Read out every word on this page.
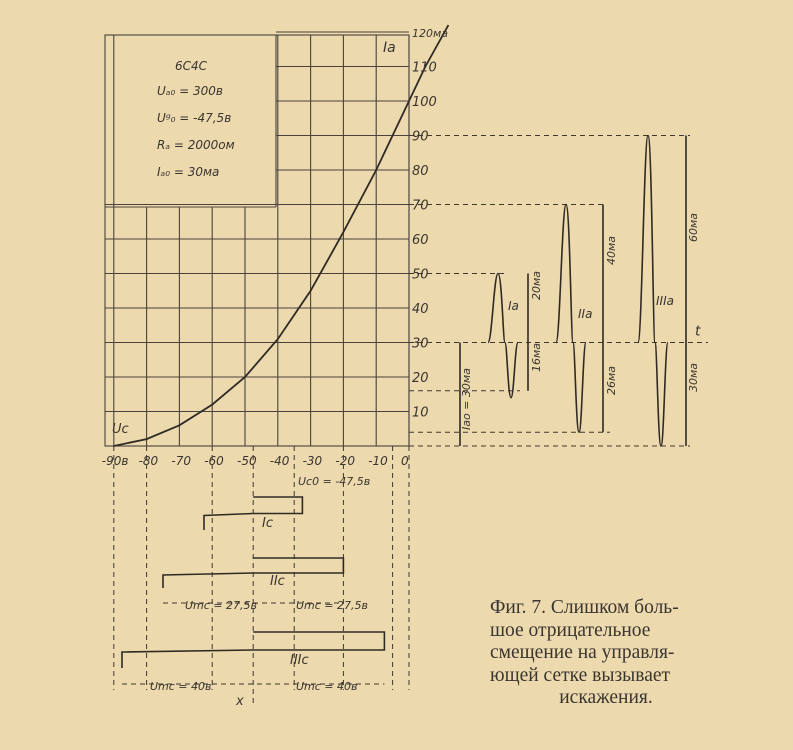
6С4С
Uₐ₀ = 300в
Uᵍ₀ = -47,5в
Rₐ = 2000ом
Iₐ₀ = 30ма
Ia
Uc
t
Ia
IIa
IIIa
20ма
16ма
40ма
26ма
60ма
30ма
Iao = 30ма
x
Uc0 = -47,5в
Ic
IIc
IIIc
Umc = 27,5в	Umc = 27,5в
Umc = 40в	Umc = 40в
10
20
30
40
50
60
70
80
90
100
110
120ма
-90в -80 -70 -60 -50 -40 -30 -20 -10 0
Фиг. 7. Слишком боль-
шое отрицательное
смещение на управля-
ющей сетке вызывает
искажения.
